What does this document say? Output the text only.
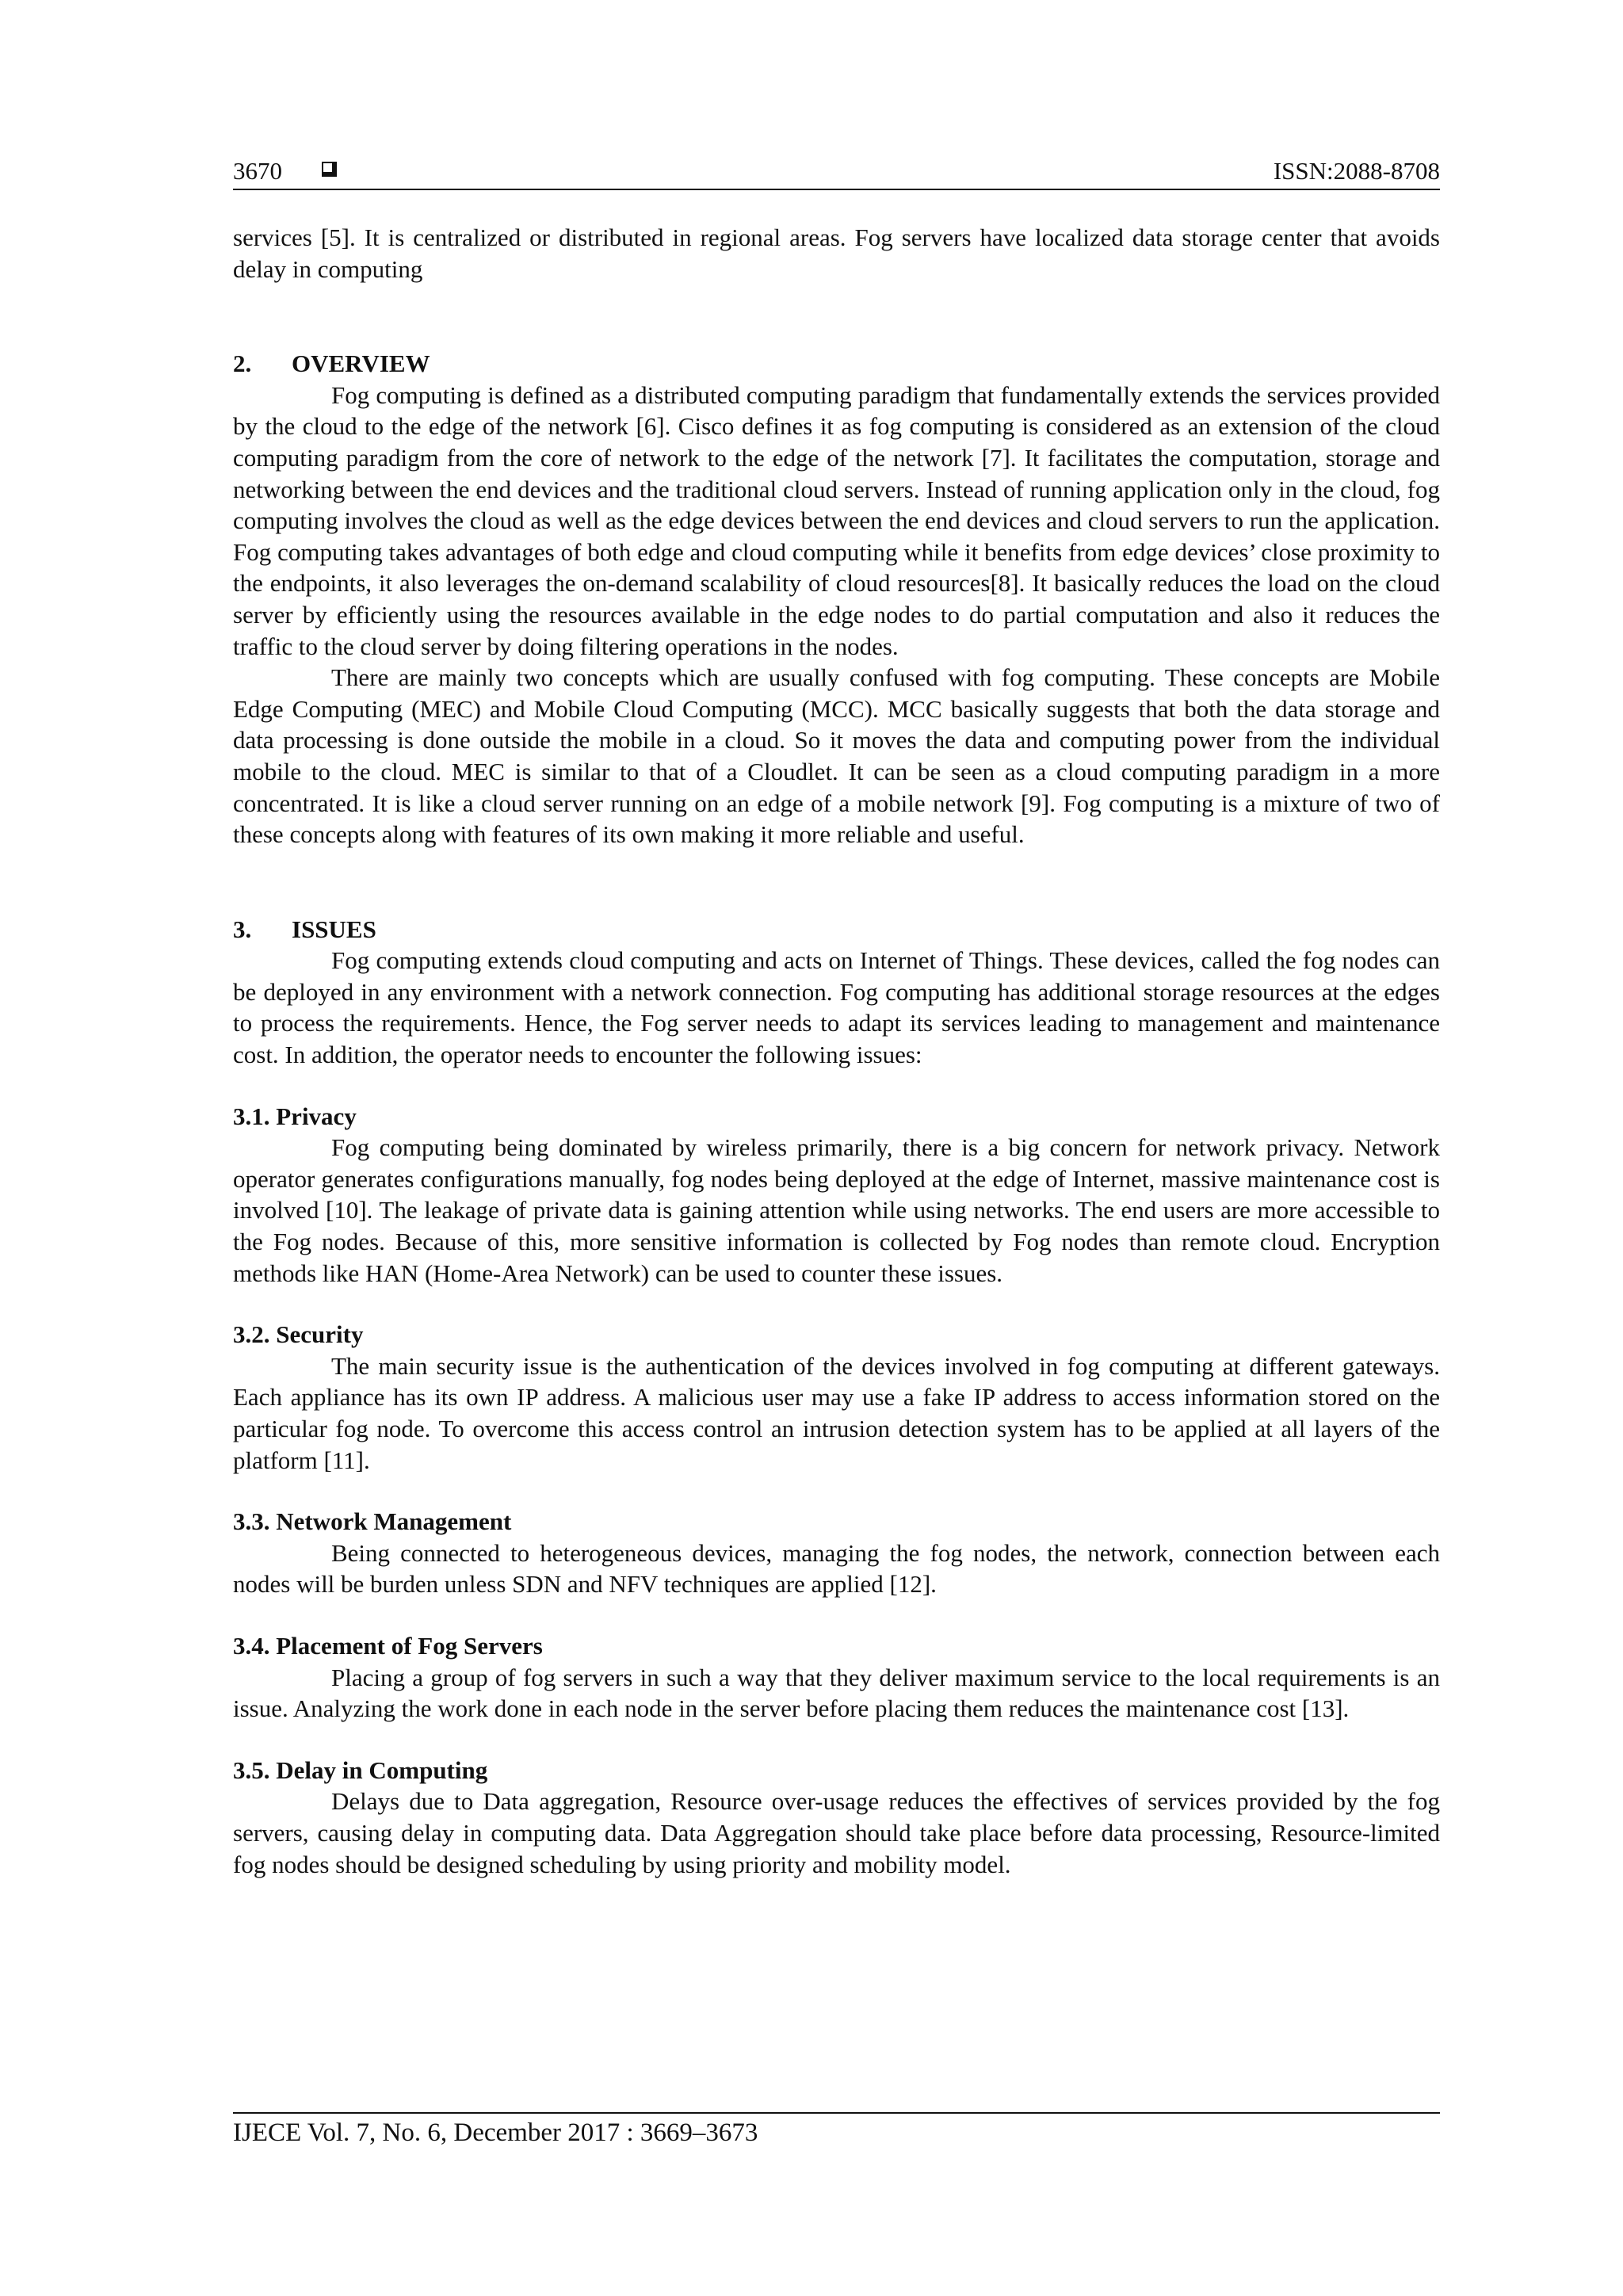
3670	ISSN:2088-8708

services [5]. It is centralized or distributed in regional areas. Fog servers have localized data storage center that avoids delay in computing

2. OVERVIEW

Fog computing is defined as a distributed computing paradigm that fundamentally extends the services provided by the cloud to the edge of the network [6]. Cisco defines it as fog computing is considered as an extension of the cloud computing paradigm from the core of network to the edge of the network [7]. It facilitates the computation, storage and networking between the end devices and the traditional cloud servers. Instead of running application only in the cloud, fog computing involves the cloud as well as the edge devices between the end devices and cloud servers to run the application. Fog computing takes advantages of both edge and cloud computing while it benefits from edge devices’ close proximity to the endpoints, it also leverages the on-demand scalability of cloud resources[8]. It basically reduces the load on the cloud server by efficiently using the resources available in the edge nodes to do partial computation and also it reduces the traffic to the cloud server by doing filtering operations in the nodes.

There are mainly two concepts which are usually confused with fog computing. These concepts are Mobile Edge Computing (MEC) and Mobile Cloud Computing (MCC). MCC basically suggests that both the data storage and data processing is done outside the mobile in a cloud. So it moves the data and computing power from the individual mobile to the cloud. MEC is similar to that of a Cloudlet. It can be seen as a cloud computing paradigm in a more concentrated. It is like a cloud server running on an edge of a mobile network [9]. Fog computing is a mixture of two of these concepts along with features of its own making it more reliable and useful.

3. ISSUES

Fog computing extends cloud computing and acts on Internet of Things. These devices, called the fog nodes can be deployed in any environment with a network connection. Fog computing has additional storage resources at the edges to process the requirements. Hence, the Fog server needs to adapt its services leading to management and maintenance cost. In addition, the operator needs to encounter the following issues:

3.1. Privacy

Fog computing being dominated by wireless primarily, there is a big concern for network privacy. Network operator generates configurations manually, fog nodes being deployed at the edge of Internet, massive maintenance cost is involved [10]. The leakage of private data is gaining attention while using networks. The end users are more accessible to the Fog nodes. Because of this, more sensitive information is collected by Fog nodes than remote cloud. Encryption methods like HAN (Home-Area Network) can be used to counter these issues.

3.2. Security

The main security issue is the authentication of the devices involved in fog computing at different gateways. Each appliance has its own IP address. A malicious user may use a fake IP address to access information stored on the particular fog node. To overcome this access control an intrusion detection system has to be applied at all layers of the platform [11].

3.3. Network Management

Being connected to heterogeneous devices, managing the fog nodes, the network, connection between each nodes will be burden unless SDN and NFV techniques are applied [12].

3.4. Placement of Fog Servers

Placing a group of fog servers in such a way that they deliver maximum service to the local requirements is an issue. Analyzing the work done in each node in the server before placing them reduces the maintenance cost [13].

3.5. Delay in Computing

Delays due to Data aggregation, Resource over-usage reduces the effectives of services provided by the fog servers, causing delay in computing data. Data Aggregation should take place before data processing, Resource-limited fog nodes should be designed scheduling by using priority and mobility model.

IJECE Vol. 7, No. 6, December 2017 : 3669–3673
